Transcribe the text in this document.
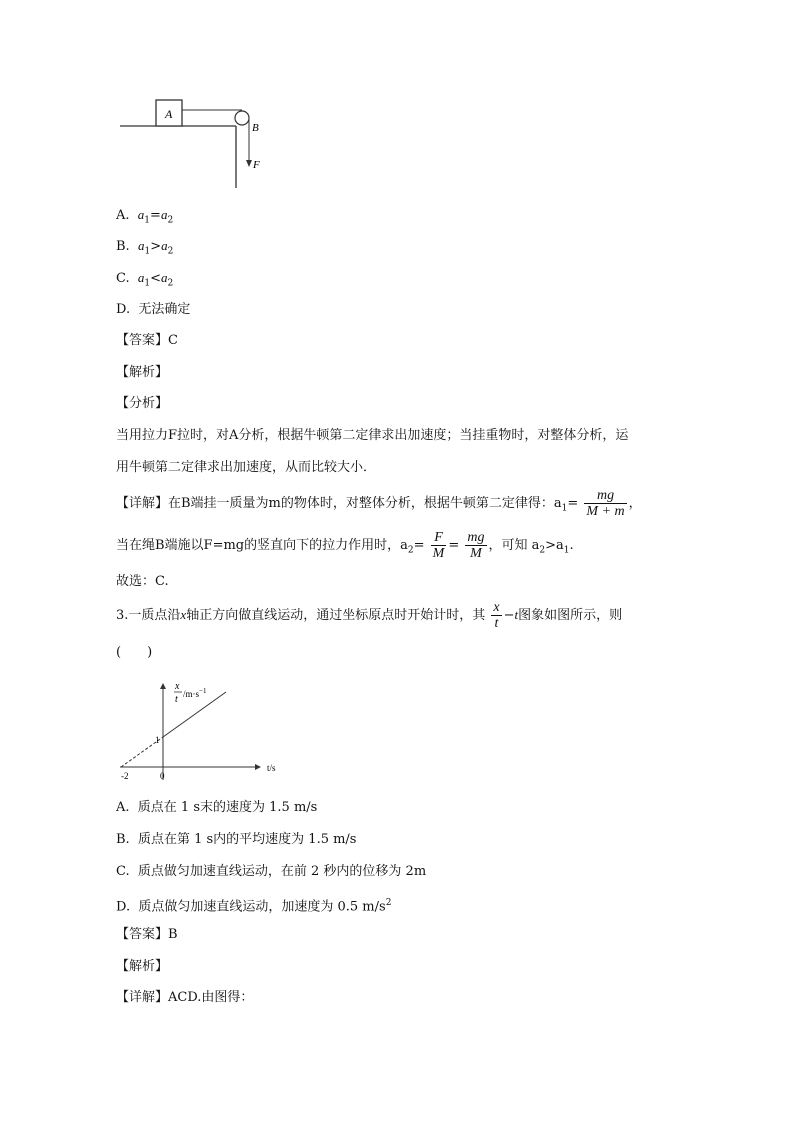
A
B
F
A. $a_1=a_2$
B. $a_1>a_2$
C. $a_1<a_2$
D. 无法确定
【答案】C
【解析】
【分析】
当用拉力F拉时，对A分析，根据牛顿第二定律求出加速度；当挂重物时，对整体分析，运
用牛顿第二定律求出加速度，从而比较大小．
【详解】在B端挂一质量为m的物体时，对整体分析，根据牛顿第二定律得：$a_1= \frac{mg}{M + m}$ ，
当在绳B端施以F=mg的竖直向下的拉力作用时，$a_2= \frac{F}{M} = \frac{mg}{M}$ ，可知 $a_2>a_1$.
故选：C.
3.一质点沿x轴正方向做直线运动，通过坐标原点时开始计时，其 $\frac{x}{t} -t$图象如图所示，则
(　　)
x
t $/m\cdot s^{-1}$
t/s
1
0
-2
A. 质点在 1 s末的速度为 1.5 m/s
B. 质点在第 1 s内的平均速度为 1.5 m/s
C. 质点做匀加速直线运动，在前 2 秒内的位移为 2m
D. 质点做匀加速直线运动，加速度为 0.5 $m/s^2$
【答案】B
【解析】
【详解】ACD.由图得：
